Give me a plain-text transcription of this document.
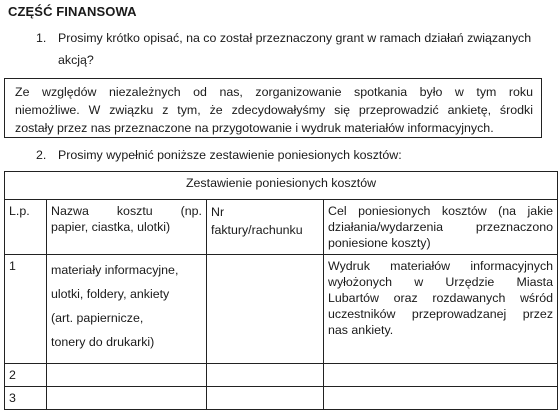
CZĘŚĆ FINANSOWA
1. Prosimy krótko opisać, na co został przeznaczony grant w ramach działań związanych
akcją?
Ze względów niezależnych od nas, zorganizowanie spotkania było w tym roku
niemożliwe. W związku z tym, że zdecydowałyśmy się przeprowadzić ankietę, środki
zostały przez nas przeznaczone na przygotowanie i wydruk materiałów informacyjnych.
2. Prosimy wypełnić poniższe zestawienie poniesionych kosztów:
Zestawienie poniesionych kosztów			
L.p.	Nazwa kosztu (np.
papier, ciastka, ulotki)	Nr
faktury/rachunku	Cel poniesionych kosztów (na jakie
działania/wydarzenia przeznaczono
poniesione koszty)

1	materiały informacyjne,
ulotki, foldery, ankiety
(art. papiernicze,
tonery do drukarki)		Wydruk materiałów informacyjnych
wyłożonych w Urzędzie Miasta
Lubartów oraz rozdawanych wśród
uczestników przeprowadzanej przez
nas ankiety.

2			
3			
